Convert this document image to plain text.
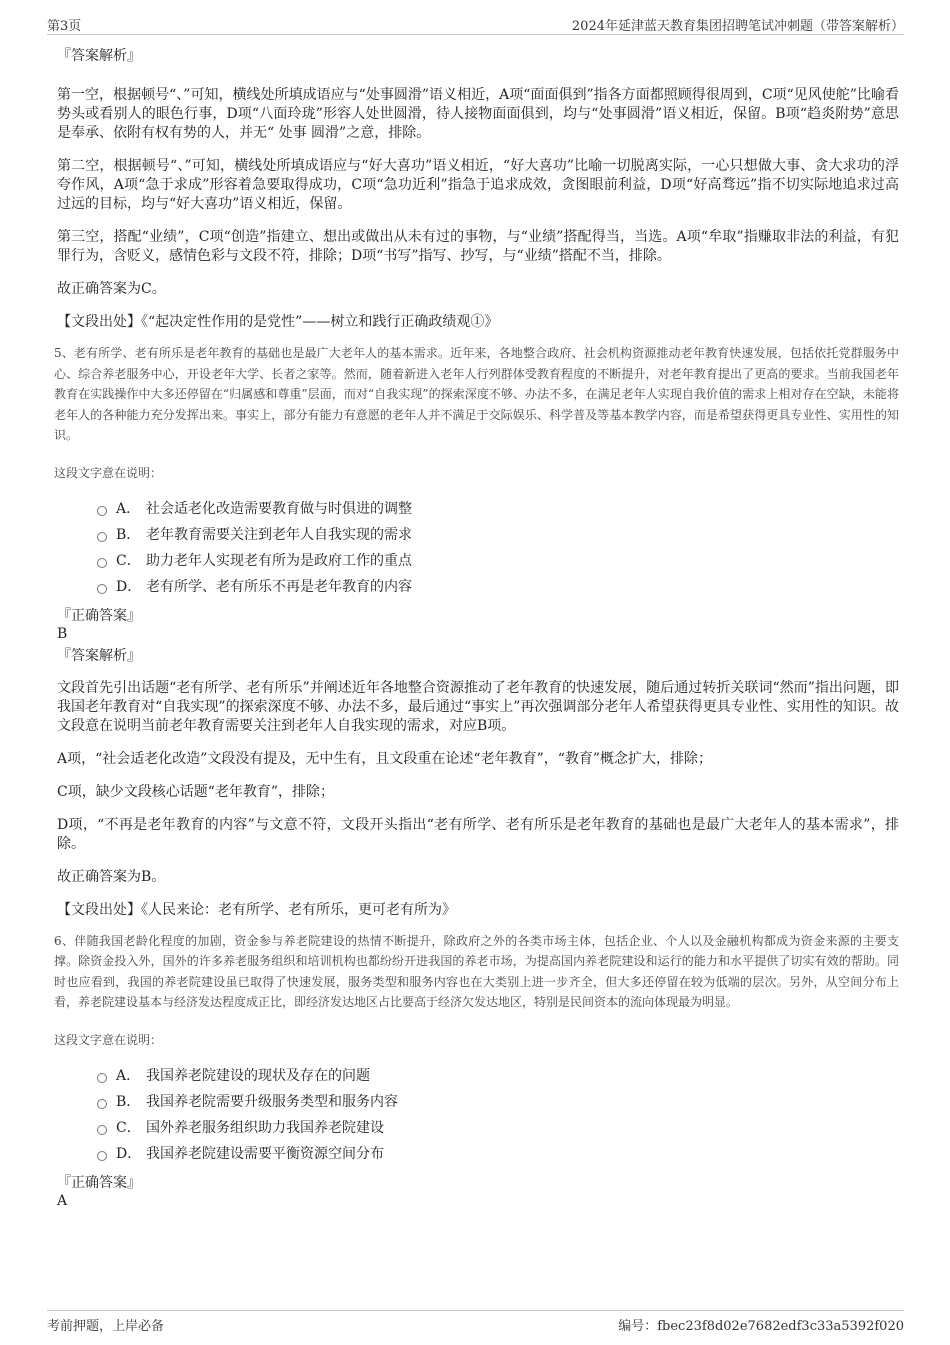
第3页	2024年延津蓝天教育集团招聘笔试冲刺题（带答案解析）
『答案解析』

第一空，根据顿号“、”可知，横线处所填成语应与“处事圆滑”语义相近，A项“面面俱到”指各方面都照顾得很周到，C项“见风使舵”比喻看势头或看别人的眼色行事，D项“八面玲珑”形容人处世圆滑，待人接物面面俱到，均与“处事圆滑”语义相近，保留。B项“趋炎附势”意思是奉承、依附有权有势的人，并无“ 处事 圆滑”之意，排除。

第二空，根据顿号“、”可知，横线处所填成语应与“好大喜功”语义相近，“好大喜功”比喻一切脱离实际，一心只想做大事、贪大求功的浮夸作风，A项“急于求成”形容着急要取得成功，C项“急功近利”指急于追求成效，贪图眼前利益，D项“好高骛远”指不切实际地追求过高过远的目标，均与“好大喜功”语义相近，保留。

第三空，搭配“业绩”，C项“创造”指建立、想出或做出从未有过的事物，与“业绩”搭配得当，当选。A项“牟取”指赚取非法的利益，有犯罪行为，含贬义，感情色彩与文段不符，排除；D项“书写”指写、抄写，与“业绩”搭配不当，排除。

故正确答案为C。

【文段出处】《“起决定性作用的是党性”——树立和践行正确政绩观①》
5、老有所学、老有所乐是老年教育的基础也是最广大老年人的基本需求。近年来，各地整合政府、社会机构资源推动老年教育快速发展，包括依托党群服务中心、综合养老服务中心，开设老年大学、长者之家等。然而，随着新进入老年人行列群体受教育程度的不断提升，对老年教育提出了更高的要求。当前我国老年教育在实践操作中大多还停留在“归属感和尊重”层面，而对“自我实现”的探索深度不够、办法不多，在满足老年人实现自我价值的需求上相对存在空缺，未能将老年人的各种能力充分发挥出来。事实上，部分有能力有意愿的老年人并不满足于交际娱乐、科学普及等基本教学内容，而是希望获得更具专业性、实用性的知识。
这段文字意在说明：
A． 社会适老化改造需要教育做与时俱进的调整
B． 老年教育需要关注到老年人自我实现的需求
C． 助力老年人实现老有所为是政府工作的重点
D． 老有所学、老有所乐不再是老年教育的内容
『正确答案』
B
『答案解析』

文段首先引出话题“老有所学、老有所乐”并阐述近年各地整合资源推动了老年教育的快速发展，随后通过转折关联词“然而”指出问题，即我国老年教育对“自我实现”的探索深度不够、办法不多，最后通过“事实上”再次强调部分老年人希望获得更具专业性、实用性的知识。故文段意在说明当前老年教育需要关注到老年人自我实现的需求，对应B项。

A项，“社会适老化改造”文段没有提及，无中生有，且文段重在论述“老年教育”，“教育”概念扩大，排除；

C项，缺少文段核心话题“老年教育”，排除；

D项，“不再是老年教育的内容”与文意不符，文段开头指出“老有所学、老有所乐是老年教育的基础也是最广大老年人的基本需求”，排除。

故正确答案为B。

【文段出处】《人民来论：老有所学、老有所乐，更可老有所为》
6、伴随我国老龄化程度的加剧，资金参与养老院建设的热情不断提升，除政府之外的各类市场主体，包括企业、个人以及金融机构都成为资金来源的主要支撑。除资金投入外，国外的许多养老服务组织和培训机构也都纷纷开进我国的养老市场，为提高国内养老院建设和运行的能力和水平提供了切实有效的帮助。同时也应看到，我国的养老院建设虽已取得了快速发展，服务类型和服务内容也在大类别上进一步齐全，但大多还停留在较为低端的层次。另外，从空间分布上看，养老院建设基本与经济发达程度成正比，即经济发达地区占比要高于经济欠发达地区，特别是民间资本的流向体现最为明显。
这段文字意在说明：
A． 我国养老院建设的现状及存在的问题
B． 我国养老院需要升级服务类型和服务内容
C． 国外养老服务组织助力我国养老院建设
D． 我国养老院建设需要平衡资源空间分布
『正确答案』
A
考前押题，上岸必备	编号：fbec23f8d02e7682edf3c33a5392f020
